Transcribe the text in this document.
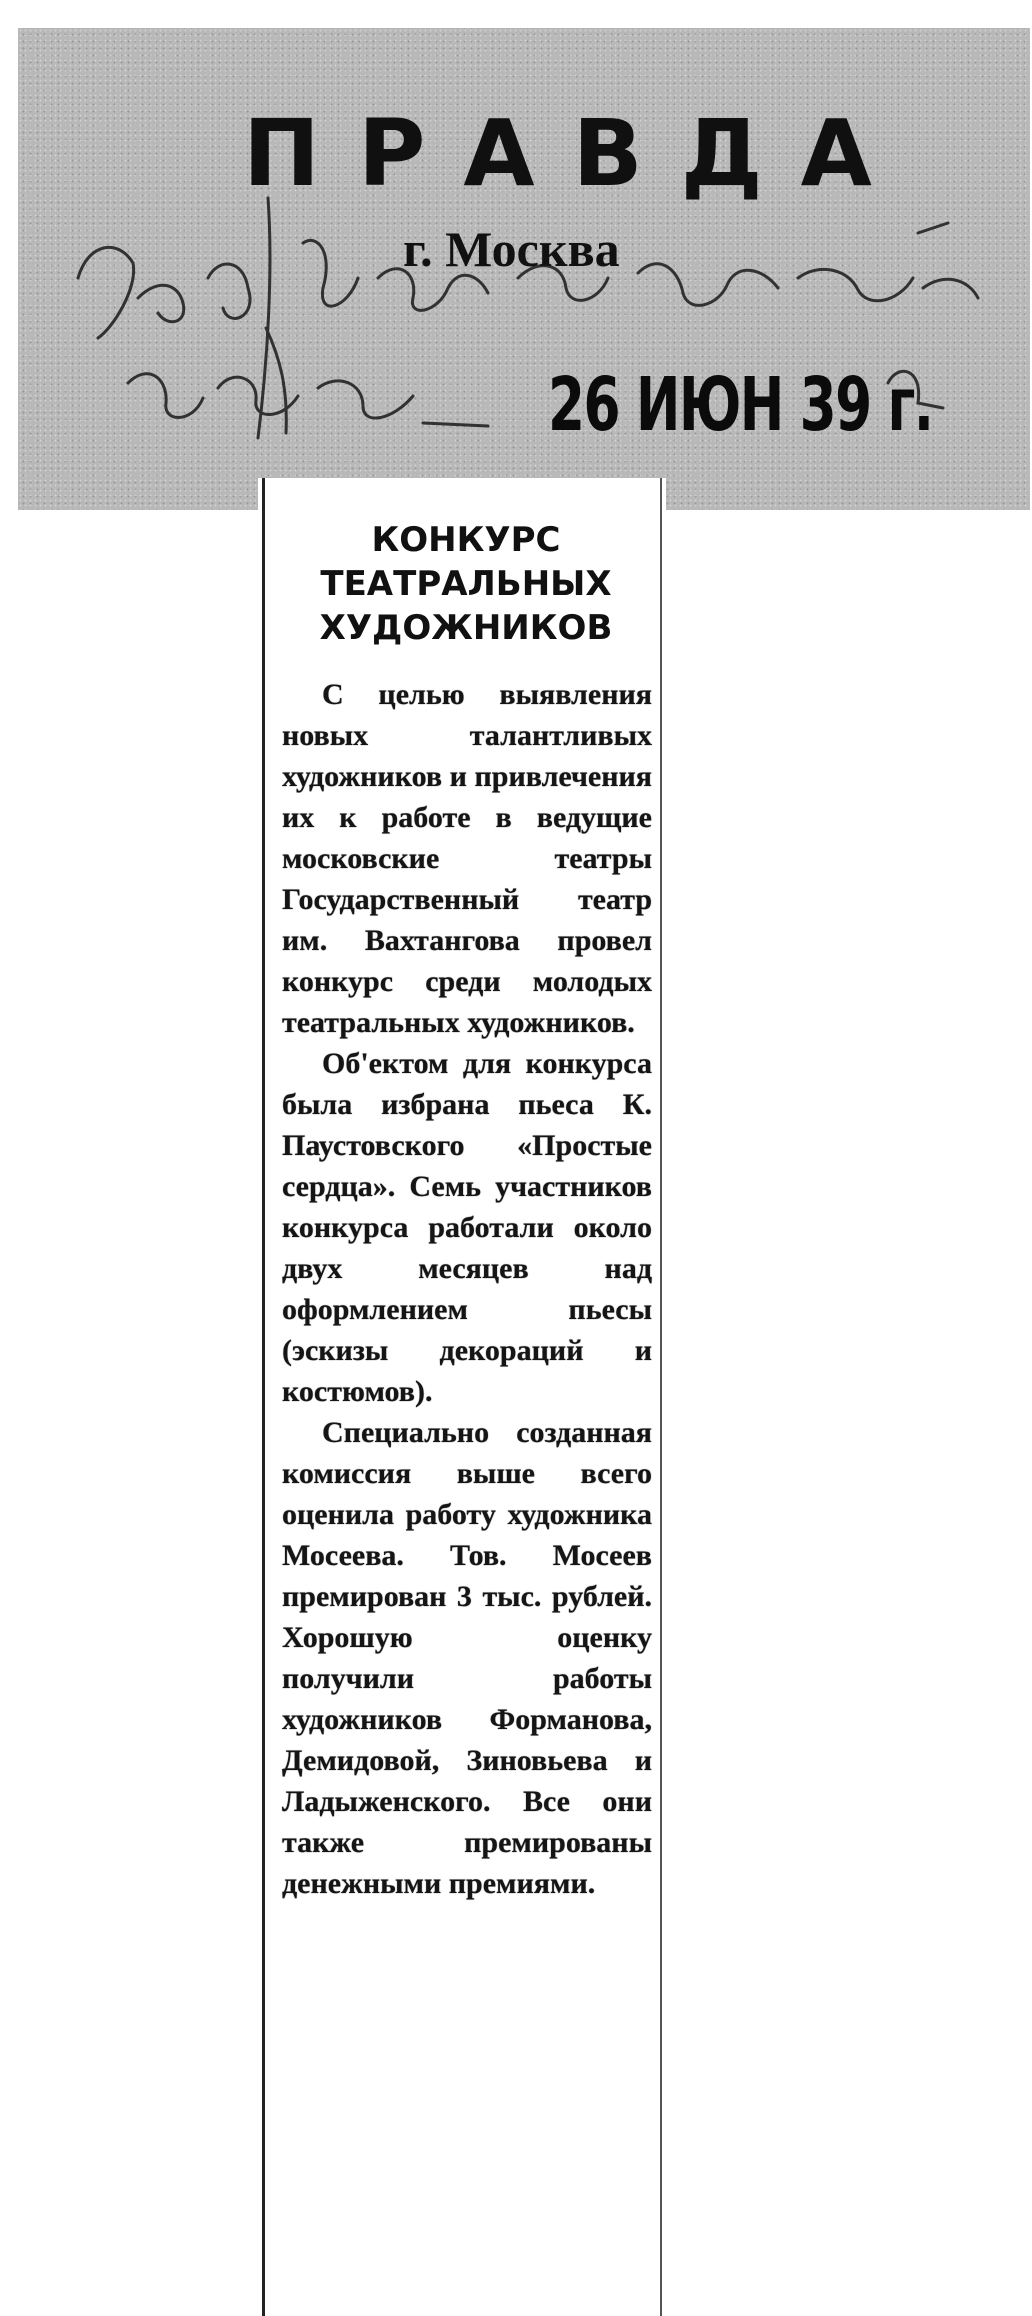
ПРАВДА
г. Москва
26 ИЮН 39 г.
КОНКУРС ТЕАТРАЛЬНЫХ ХУДОЖНИКОВ

С целью выявления новых талантливых художников и привлечения их к работе в ведущие московские театры Государственный театр им. Вахтангова провел конкурс среди молодых театральных художников.

Об'ектом для конкурса была избрана пьеса К. Паустовского «Простые сердца». Семь участников конкурса работали около двух месяцев над оформлением пьесы (эскизы декораций и костюмов).

Специально созданная комиссия выше всего оценила работу художника Мосеева. Тов. Мосеев премирован 3 тыс. рублей. Хорошую оценку получили работы художников Форманова, Демидовой, Зиновьева и Ладыженского. Все они также премированы денежными премиями.
